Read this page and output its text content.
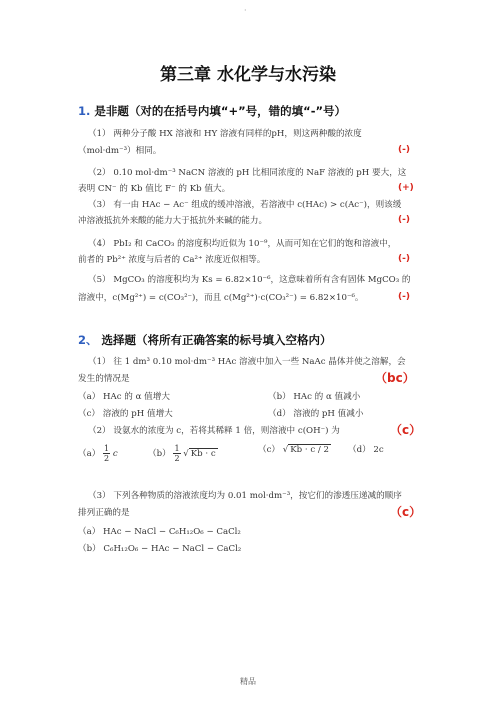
·
第三章 水化学与水污染
1. 是非题（对的在括号内填“+”号，错的填“-”号）
（1） 两种分子酸 HX 溶液和 HY 溶液有同样的pH，则这两种酸的浓度
（mol·dm⁻³）相同。	(-)
（2） 0.10 mol·dm⁻³ NaCN 溶液的 pH 比相同浓度的 NaF 溶液的 pH 要大，这
表明 CN⁻ 的 Kb 值比 F⁻ 的 Kb 值大。	(+)
（3） 有一由 HAc − Ac⁻ 组成的缓冲溶液，若溶液中 c(HAc) > c(Ac⁻)，则该缓
冲溶液抵抗外来酸的能力大于抵抗外来碱的能力。	(-)
（4） PbI₂ 和 CaCO₃ 的溶度积均近似为 10⁻⁹，从而可知在它们的饱和溶液中，
前者的 Pb²⁺ 浓度与后者的 Ca²⁺ 浓度近似相等。	(-)
（5） MgCO₃ 的溶度积均为 Ks = 6.82×10⁻⁶，这意味着所有含有固体 MgCO₃ 的
溶液中，c(Mg²⁺) = c(CO₃²⁻)，而且 c(Mg²⁺)·c(CO₃²⁻) = 6.82×10⁻⁶。	(-)
2、 选择题（将所有正确答案的标号填入空格内）
（1） 往 1 dm³ 0.10 mol·dm⁻³ HAc 溶液中加入一些 NaAc 晶体并使之溶解，会
发生的情况是	（bc）
（a） HAc 的 α 值增大	（b） HAc 的 α 值减小
（c） 溶液的 pH 值增大	（d） 溶液的 pH 值减小
（2） 设氨水的浓度为 c，若将其稀释 1 倍，则溶液中 c(OH⁻) 为	（c）
$(a) \frac{1}{2}$ c	$(b) \frac{1}{2}$ √ Kb · c	（c） √ Kb · c / 2 （d） 2c
（3） 下列各种物质的溶液浓度均为 0.01 mol·dm⁻³，按它们的渗透压递减的顺序
排列正确的是	（c）
（a） HAc − NaCl − C₆H₁₂O₆ − CaCl₂
（b） C₆H₁₂O₆ − HAc − NaCl − CaCl₂
精品
